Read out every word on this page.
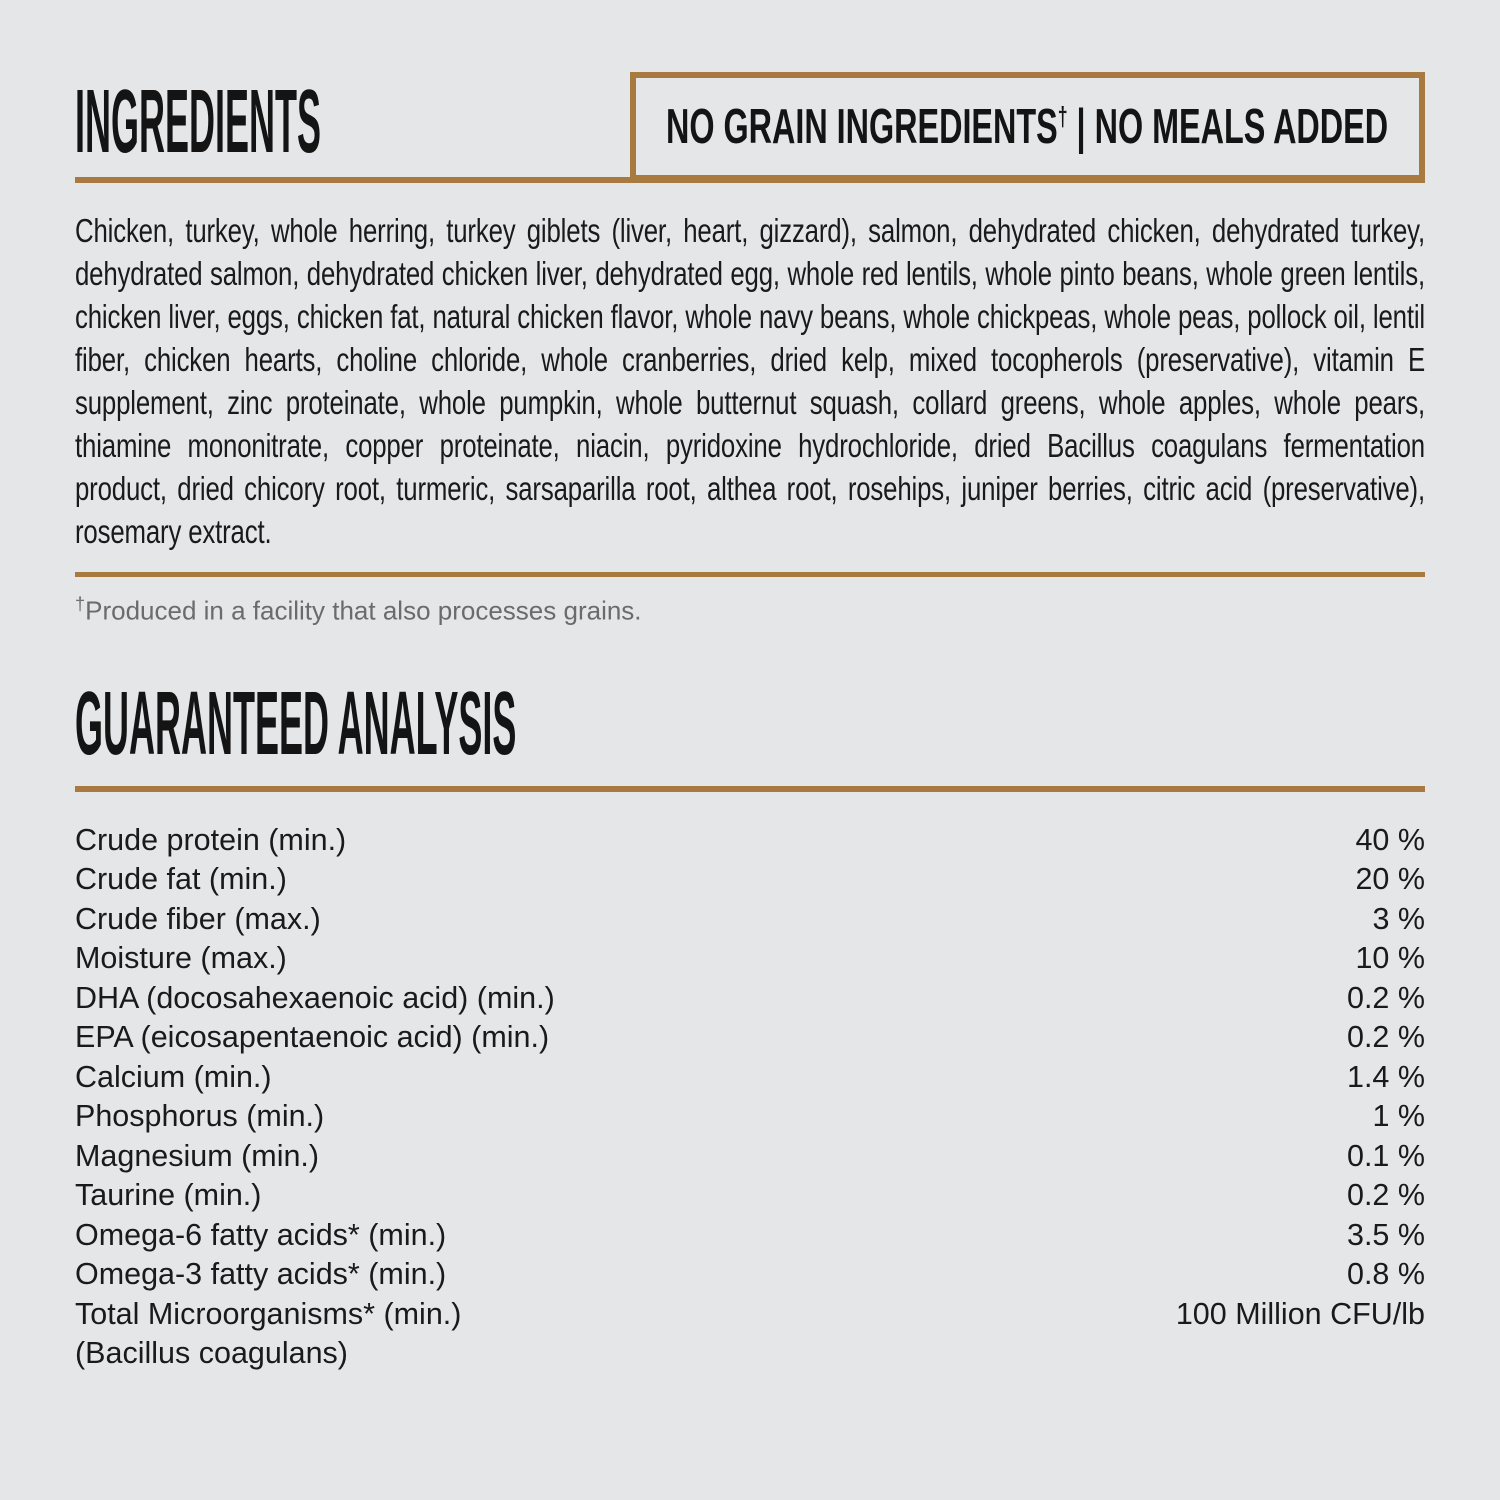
INGREDIENTS	NO GRAIN INGREDIENTS† | NO MEALS ADDED
Chicken, turkey, whole herring, turkey giblets (liver, heart, gizzard), salmon, dehydrated chicken, dehydrated turkey, dehydrated salmon, dehydrated chicken liver, dehydrated egg, whole red lentils, whole pinto beans, whole green lentils, chicken liver, eggs, chicken fat, natural chicken flavor, whole navy beans, whole chickpeas, whole peas, pollock oil, lentil fiber, chicken hearts, choline chloride, whole cranberries, dried kelp, mixed tocopherols (preservative), vitamin E supplement, zinc proteinate, whole pumpkin, whole butternut squash, collard greens, whole apples, whole pears, thiamine mononitrate, copper proteinate, niacin, pyridoxine hydrochloride, dried Bacillus coagulans fermentation product, dried chicory root, turmeric, sarsaparilla root, althea root, rosehips, juniper berries, citric acid (preservative), rosemary extract.
†Produced in a facility that also processes grains.
GUARANTEED ANALYSIS
Crude protein (min.)	40 %
Crude fat (min.)	20 %
Crude fiber (max.)	3 %
Moisture (max.)	10 %
DHA (docosahexaenoic acid) (min.)	0.2 %
EPA (eicosapentaenoic acid) (min.)	0.2 %
Calcium (min.)	1.4 %
Phosphorus (min.)	1 %
Magnesium (min.)	0.1 %
Taurine (min.)	0.2 %
Omega-6 fatty acids* (min.)	3.5 %
Omega-3 fatty acids* (min.)	0.8 %
Total Microorganisms* (min.)	100 Million CFU/lb
(Bacillus coagulans)
